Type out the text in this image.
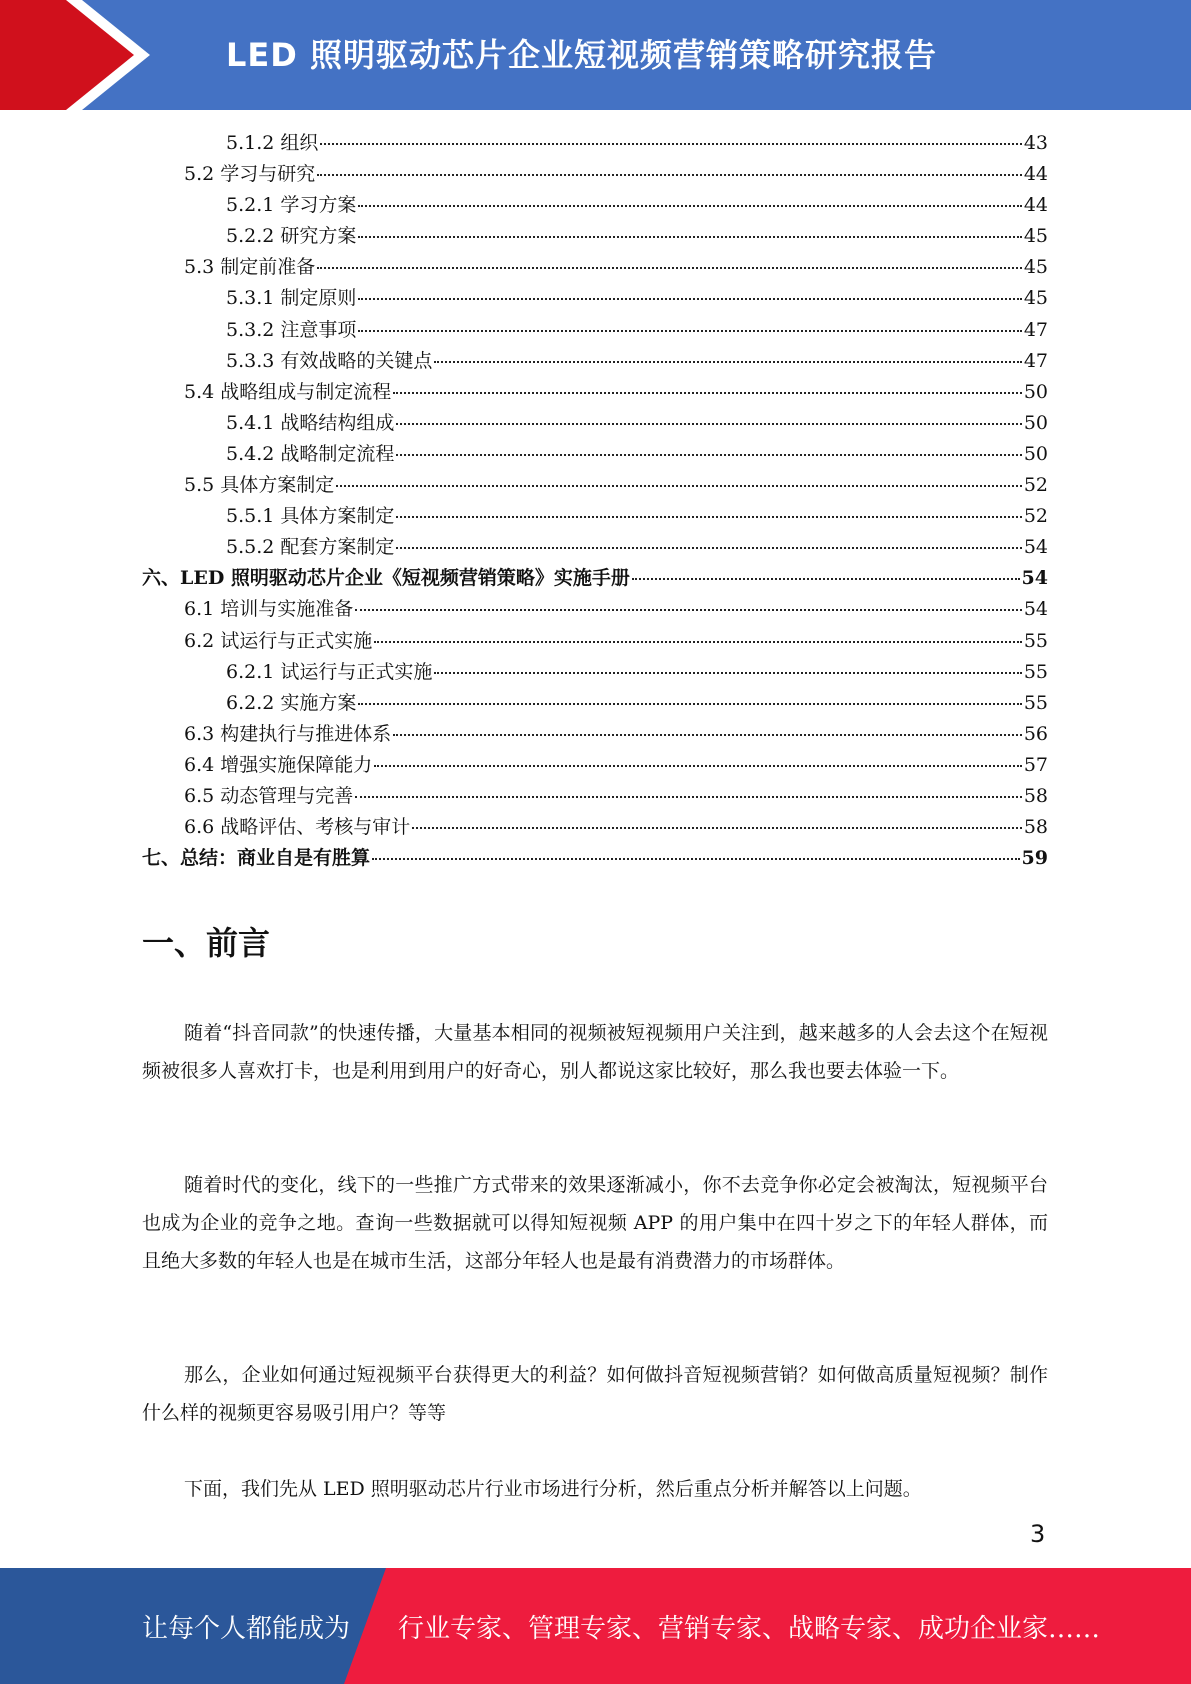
LED 照明驱动芯片企业短视频营销策略研究报告
5.1.2 组织	43
5.2 学习与研究	44
5.2.1 学习方案	44
5.2.2 研究方案	45
5.3 制定前准备	45
5.3.1 制定原则	45
5.3.2 注意事项	47
5.3.3 有效战略的关键点	47
5.4 战略组成与制定流程	50
5.4.1 战略结构组成	50
5.4.2 战略制定流程	50
5.5 具体方案制定	52
5.5.1 具体方案制定	52
5.5.2 配套方案制定	54
六、LED 照明驱动芯片企业《短视频营销策略》实施手册	54
6.1 培训与实施准备	54
6.2 试运行与正式实施	55
6.2.1 试运行与正式实施	55
6.2.2 实施方案	55
6.3 构建执行与推进体系	56
6.4 增强实施保障能力	57
6.5 动态管理与完善	58
6.6 战略评估、考核与审计	58
七、总结：商业自是有胜算	59
一、前言
随着“抖音同款”的快速传播，大量基本相同的视频被短视频用户关注到，越来越多的人会去这个在短视频被很多人喜欢打卡，也是利用到用户的好奇心，别人都说这家比较好，那么我也要去体验一下。
随着时代的变化，线下的一些推广方式带来的效果逐渐减小，你不去竞争你必定会被淘汰，短视频平台也成为企业的竞争之地。查询一些数据就可以得知短视频 APP 的用户集中在四十岁之下的年轻人群体，而且绝大多数的年轻人也是在城市生活，这部分年轻人也是最有消费潜力的市场群体。
那么，企业如何通过短视频平台获得更大的利益？如何做抖音短视频营销？如何做高质量短视频？制作什么样的视频更容易吸引用户？等等
下面，我们先从 LED 照明驱动芯片行业市场进行分析，然后重点分析并解答以上问题。
3
让每个人都能成为 行业专家、管理专家、营销专家、战略专家、成功企业家……
